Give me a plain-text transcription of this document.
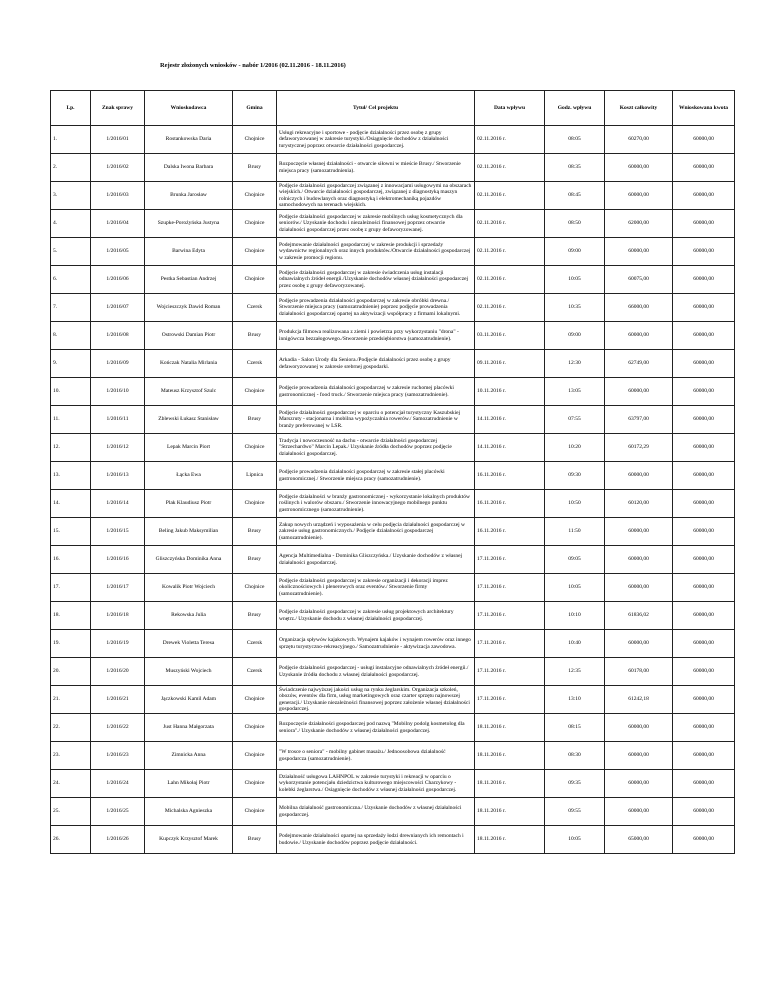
Rejestr złożonych wniosków - nabór 1/2016 (02.11.2016 - 18.11.2016)
Lp.	Znak sprawy	Wnioskodawca	Gmina	Tytuł/ Cel projektu	Data wpływu	Godz. wpływu	Koszt całkowity	Wnioskowana kwota
1.	1/2016/01	Rostankowska Daria	Chojnice	Usługi rekreacyjne i sportowe - podjęcie działalności przez osobę z grupy defaworyzowanej w zakresie turystyki./Osiągnięcie dochodów z działalności turystycznej poprzez otwarcie działalności gospodarczej.	02.11.2016 r.	08:05	60270,00	60000,00
2.	1/2016/02	Dalska Iwona Barbara	Brusy	Rozpoczęcie własnej działalności - otwarcie siłowni w mieście Brusy./ Stworzenie miejsca pracy (samozatrudnienia).	02.11.2016 r.	08:35	60000,00	60000,00
3.	1/2016/03	Brunka Jarosław	Chojnice	Podjęcie działalności gospodarczej związanej z innowacjami usługowymi na obszarach wiejskich./ Otwarcie działalności gospodarczej, związanej z diagnostyką maszyn rolniczych i budowlanych oraz diagnostyką i elektromechaniką pojazdów samochodowych na terenach wiejskich.	02.11.2016 r.	08:45	60000,00	60000,00
4.	1/2016/04	Szupke-Porożyńska Justyna	Chojnice	Podjęcie działalności gospodarczej w zakresie mobilnych usług kosmetycznych dla seniorów./ Uzyskanie dochodu i niezależności finansowej poprzez otwarcie działalności gospodarczej przez osobę z grupy defaworyzowanej.	02.11.2016 r.	08:50	62000,00	60000,00
5.	1/2016/05	Barwina Edyta	Chojnice	Podejmowanie działalności gospodarczej w zakresie produkcji i sprzedaży wydawnictw regionalnych oraz innych produktów./Otwarcie działalności gospodarczej w zakresie promocji regionu.	02.11.2016 r.	09:00	60000,00	60000,00
6.	1/2016/06	Pestka Sebastian Andrzej	Chojnice	Podjęcie działalności gospodarczej w zakresie świadczenia usług instalacji odnawialnych źródeł energii./Uzyskanie dochodów własnej działalności gospodarczej przez osobę z grupy defaworyzowanej.	02.11.2016 r.	10:05	60075,00	60000,00
7.	1/2016/07	Wojcieszczyk Dawid Roman	Czersk	Podjęcie prowadzenia działalności gospodarczej w zakresie obróbki drewna./ Stworzenie miejsca pracy (samozatrudnienie) poprzez podjęcie prowadzenia działalności gospodarczej opartej na aktywizacji współpracy z firmami lokalnymi.	02.11.2016 r.	10:35	66000,00	60000,00
8.	1/2016/08	Ostrowski Damian Piotr	Brusy	Produkcja filmowa realizowana z ziemi i powietrza przy wykorzystaniu "drona" - innigówcza bezzałogowego./Stworzenie przedsiębiorstwa (samozatrudnienie).	03.11.2016 r.	09:00	60000,00	60000,00
9.	1/2016/09	Kończak Natalia Mirlania	Czersk	Arkadia - Salon Urody dla Seniora./Podjęcie działalności przez osobę z grupy defaworyzowanej w zakresie srebrnej gospodarki.	09.11.2016 r.	12:30	62749,00	60000,00
10.	1/2016/10	Mateusz Krzysztof Szulc	Chojnice	Podjęcie prowadzenia działalności gospodarczej w zakresie ruchomej placówki gastronomicznej - food truck./ Stworzenie miejsca pracy (samozatrudnienie).	10.11.2016 r.	13:05	60000,00	60000,00
11.	1/2016/11	Zblewski Łukasz Stanisław	Brusy	Podjęcie działalności gospodarczej w oparciu o potencjał turystyczny Kaszubskiej Marszruty - stacjonarna i mobilna wypożyczalnia rowerów./ Samozatrudnienie w branży preferowanej w LSR.	14.11.2016 r.	07:55	63797,00	60000,00
12.	1/2016/12	Lepak Marcin Piort	Chojnice	Tradycja i nowoczesność na dachu - otwarcie działalności gospodarczej "Strzechardwo" Marcin Lepak./ Uzyskanie źródła dochodów poprzez podjęcie działalności gospodarczej.	14.11.2016 r.	10:20	60172,29	60000,00
13.	1/2016/13	Łącka Ewa	Lipnica	Podjęcie prowadzenia działalności gospodarczej w zakresie stałej placówki gastronomicznej./ Stworzenie miejsca pracy (samozatrudnienie).	16.11.2016 r.	09:30	60000,00	60000,00
14.	1/2016/14	Plak Klaudiusz Piotr	Chojnice	Podjęcie działalności w branży gastronomicznej - wykorzystanie lokalnych produktów roślinych i walorów obszaru./ Stworzenie innowacyjnego mobilnego punktu gastronomicznego (samozatrudnienie).	16.11.2016 r.	10:50	60120,00	60000,00
15.	1/2016/15	Beling Jakub Maksymilian	Brusy	Zakup nowych urządzeń i wyposażenia w celu podjęcia działalności gospodarczej w zakresie usług gastronomicznych./ Podjęcie działalności gospodarczej (samozatrudnienie).	16.11.2016 r.	11:50	60000,00	60000,00
16.	1/2016/16	Gliszczyńska Dominika Anna	Brusy	Agencja Multimedialna - Dominika Gliszczyńska./ Uzyskanie dochodów z własnej działalności gospodarczej.	17.11.2016 r.	09:05	60000,00	60000,00
17.	1/2016/17	Kowalik Piotr Wojciech	Chojnice	Podjęcie działalności gospodarczej w zakresie organizacji i dekoracji imprez okolicznościowych i plenerowych oraz eventów./ Stworzenie firmy (samozatrudnienie).	17.11.2016 r.	10:05	60000,00	60000,00
18.	1/2016/18	Rekowska Julia	Brusy	Podjęcie działalności gospodarczej w zakresie usług projektowych architektury wnętrz./ Uzyskanie dochodu z własnej działalności gospodarczej.	17.11.2016 r.	10:10	61836,02	60000,00
19.	1/2016/19	Drewek Violetta Teresa	Czersk	Organizacja spływów kajakowych. Wynajem kajaków i wynajem rowerów oraz innego sprzętu turystyczno-rekreacyjnego./ Samozatrudnienie - aktywizacja zawodowa.	17.11.2016 r.	10:40	60000,00	60000,00
20.	1/2016/20	Muszyński Wojciech	Czersk	Podjęcie działalności gospodarczej - usługi instalacyjne odnawialnych źródeł energii./ Uzyskanie źródła dochodu z własnej działalności gospodarczej.	17.11.2016 r.	12:35	60178,00	60000,00
21.	1/2016/21	Jączkowski Kamil Adam	Chojnice	Świadczenie najwyższej jakości usług na rynku żeglarskim. Organizacja szkoleń, obozów, eventów dla firm, usług marketingowych oraz czarter sprzętu najnowszej generacji./ Uzyskanie niezależności finansowej poprzez założenie własnej działalności gospodarczej.	17.11.2016 r.	13:10	61242,18	60000,00
22.	1/2016/22	Just Hanna Małgorzata	Chojnice	Rozpoczęcie działalności gospodarczej pod nazwą "Mobilny podolg kosmetolog dla seniora"./ Uzyskanie dochodów z własnej działalności gospodarczej.	18.11.2016 r.	08:15	60000,00	60000,00
23.	1/2016/23	Zimnicka Anna	Chojnice	"W trosce o seniora" - mobilny gabinet masażu./ Jednoosobowa działalność gospodarcza (samozatrudnienie).	18.11.2016 r.	08:30	60000,00	60000,00
24.	1/2016/24	Lahn Mikołaj Piotr	Chojnice	Działalność usługowa LAHNPOL w zakresie turystyki i rekreacji w oparciu o wykorzystanie potencjału dziedzictwa kulturowego miejscowości Charzykowy - kolebki żeglarstwa./ Osiągnięcie dochodów z własnej działalności gospodarczej.	18.11.2016 r.	09:35	60000,00	60000,00
25.	1/2016/25	Michalska Agnieszka	Chojnice	Mobilna działalność gastronomiczna./ Uzyskanie dochodów z własnej działalności gospodarczej.	18.11.2016 r.	09:55	60000,00	60000,00
26.	1/2016/26	Kupczyk Krzysztof Marek	Brusy	Podejmowanie działalności opartej na sprzedaży łodzi drewnianych ich remontach i budowie./ Uzyskanie dochodów poprzez podjęcie działalności.	18.11.2016 r.	10:05	65000,00	60000,00
